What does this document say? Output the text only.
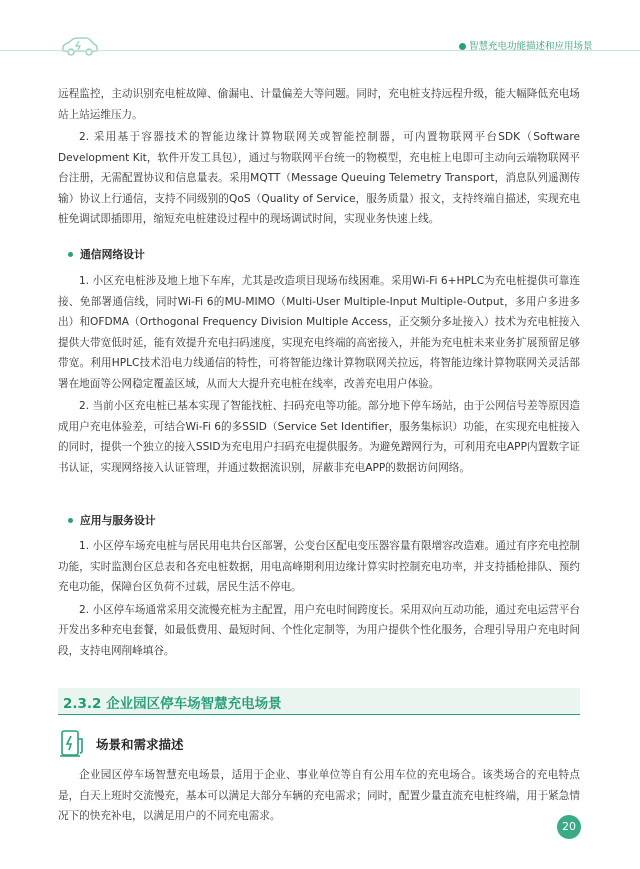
智慧充电功能描述和应用场景

远程监控，主动识别充电桩故障、偷漏电、计量偏差大等问题。同时，充电桩支持远程升级，能大幅降低充电场站上站运维压力。

2. 采用基于容器技术的智能边缘计算物联网关或智能控制器，可内置物联网平台SDK（Software Development Kit，软件开发工具包），通过与物联网平台统一的物模型，充电桩上电即可主动向云端物联网平台注册，无需配置协议和信息量表。采用MQTT（Message Queuing Telemetry Transport，消息队列遥测传输）协议上行通信，支持不同级别的QoS（Quality of Service，服务质量）报文，支持终端自描述，实现充电桩免调试即插即用，缩短充电桩建设过程中的现场调试时间，实现业务快速上线。

通信网络设计

1. 小区充电桩涉及地上地下车库，尤其是改造项目现场布线困难。采用Wi-Fi 6+HPLC为充电桩提供可靠连接、免部署通信线，同时Wi-Fi 6的MU-MIMO（Multi-User Multiple-Input Multiple-Output，多用户多进多出）和OFDMA（Orthogonal Frequency Division Multiple Access，正交频分多址接入）技术为充电桩接入提供大带宽低时延，能有效提升充电扫码速度，实现充电终端的高密接入，并能为充电桩未来业务扩展预留足够带宽。利用HPLC技术沿电力线通信的特性，可将智能边缘计算物联网关拉远，将智能边缘计算物联网关灵活部署在地面等公网稳定覆盖区域，从而大大提升充电桩在线率，改善充电用户体验。

2. 当前小区充电桩已基本实现了智能找桩、扫码充电等功能。部分地下停车场站，由于公网信号差等原因造成用户充电体验差，可结合Wi-Fi 6的多SSID（Service Set Identifier，服务集标识）功能，在实现充电桩接入的同时，提供一个独立的接入SSID为充电用户扫码充电提供服务。为避免蹭网行为，可利用充电APP内置数字证书认证，实现网络接入认证管理，并通过数据流识别，屏蔽非充电APP的数据访问网络。

应用与服务设计

1. 小区停车场充电桩与居民用电共台区部署，公变台区配电变压器容量有限增容改造难。通过有序充电控制功能，实时监测台区总表和各充电桩数据，用电高峰期利用边缘计算实时控制充电功率，并支持插枪排队、预约充电功能，保障台区负荷不过载，居民生活不停电。

2. 小区停车场通常采用交流慢充桩为主配置，用户充电时间跨度长。采用双向互动功能，通过充电运营平台开发出多种充电套餐，如最低费用、最短时间、个性化定制等，为用户提供个性化服务，合理引导用户充电时间段，支持电网削峰填谷。

2.3.2 企业园区停车场智慧充电场景
场景和需求描述

企业园区停车场智慧充电场景，适用于企业、事业单位等自有公用车位的充电场合。该类场合的充电特点是，白天上班时交流慢充，基本可以满足大部分车辆的充电需求；同时，配置少量直流充电桩终端，用于紧急情况下的快充补电，以满足用户的不同充电需求。

20
